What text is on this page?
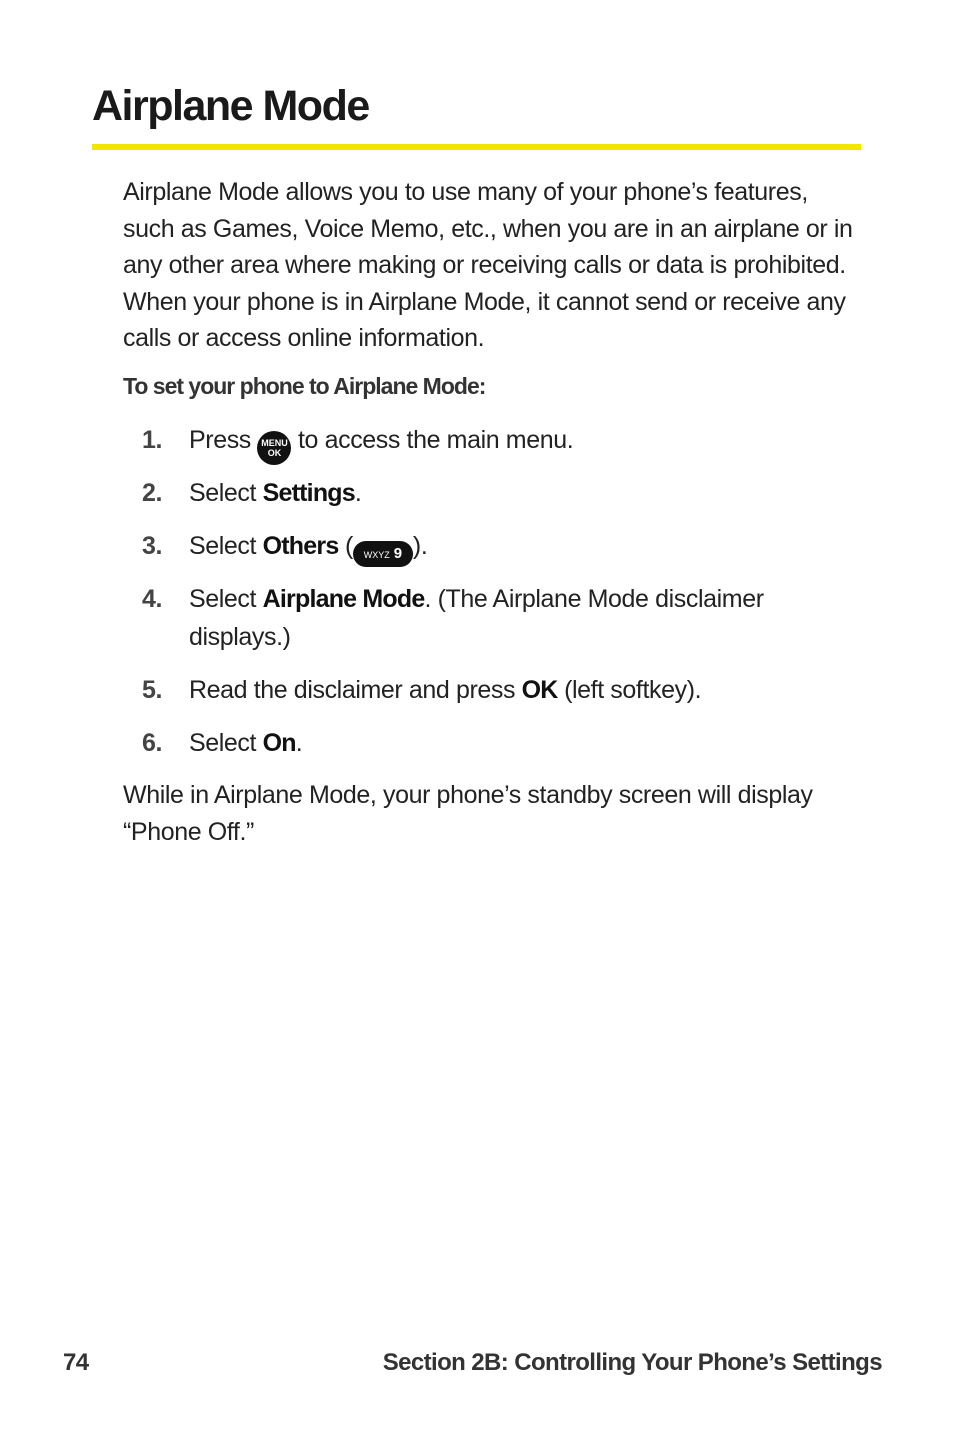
Airplane Mode

Airplane Mode allows you to use many of your phone’s features, such as Games, Voice Memo, etc., when you are in an airplane or in any other area where making or receiving calls or data is prohibited. When your phone is in Airplane Mode, it cannot send or receive any calls or access online information.

To set your phone to Airplane Mode:

1. Press MENU
OK to access the main menu.
2. Select Settings.
3. Select Others ( WXYZ 9 ).
4. Select Airplane Mode. (The Airplane Mode disclaimer displays.)
5. Read the disclaimer and press OK (left softkey).
6. Select On.

While in Airplane Mode, your phone’s standby screen will display “Phone Off.”

74	Section 2B: Controlling Your Phone’s Settings
